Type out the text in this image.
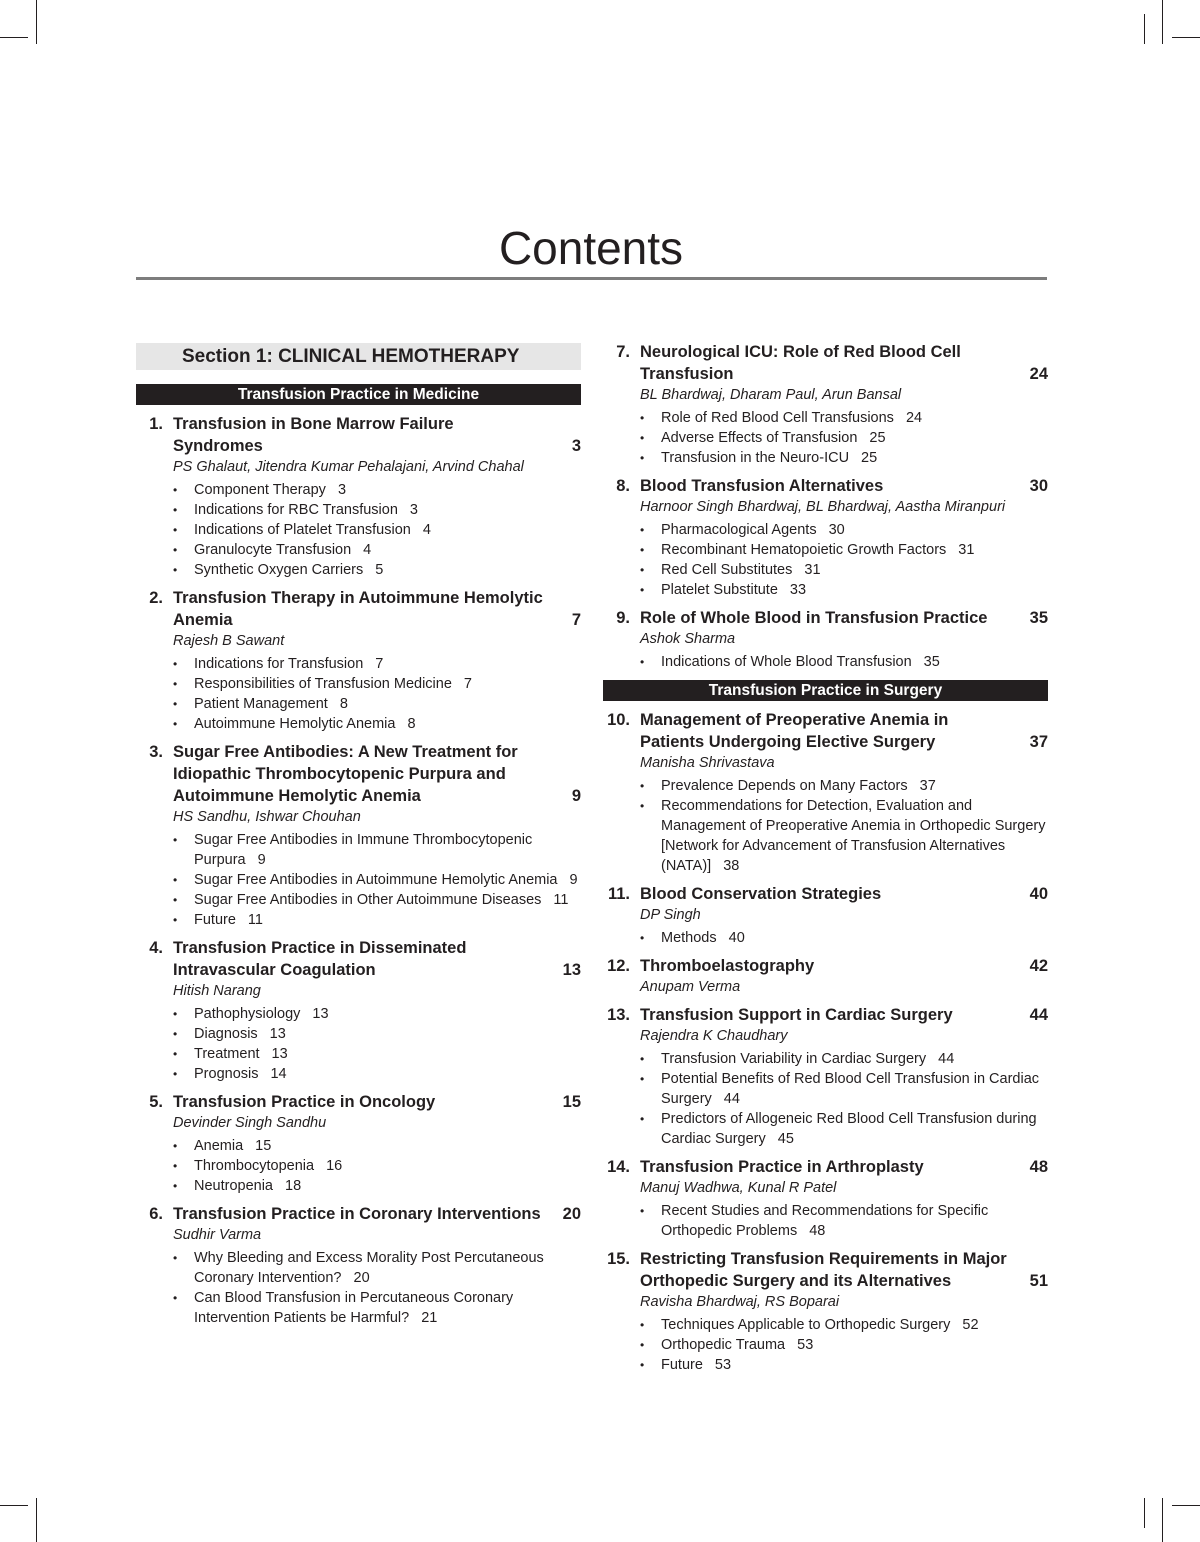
Contents
Section 1: CLINICAL HEMOTHERAPY
Transfusion Practice in Medicine
1. Transfusion in Bone Marrow Failure Syndromes	3
PS Ghalaut, Jitendra Kumar Pehalajani, Arvind Chahal
• Component Therapy 3
• Indications for RBC Transfusion 3
• Indications of Platelet Transfusion 4
• Granulocyte Transfusion 4
• Synthetic Oxygen Carriers 5
2. Transfusion Therapy in Autoimmune Hemolytic Anemia	7
Rajesh B Sawant
• Indications for Transfusion 7
• Responsibilities of Transfusion Medicine 7
• Patient Management 8
• Autoimmune Hemolytic Anemia 8
3. Sugar Free Antibodies: A New Treatment for Idiopathic Thrombocytopenic Purpura and Autoimmune Hemolytic Anemia	9
HS Sandhu, Ishwar Chouhan
• Sugar Free Antibodies in Immune Thrombocytopenic Purpura 9
• Sugar Free Antibodies in Autoimmune Hemolytic Anemia 9
• Sugar Free Antibodies in Other Autoimmune Diseases 11
• Future 11
4. Transfusion Practice in Disseminated Intravascular Coagulation	13
Hitish Narang
• Pathophysiology 13
• Diagnosis 13
• Treatment 13
• Prognosis 14
5. Transfusion Practice in Oncology	15
Devinder Singh Sandhu
• Anemia 15
• Thrombocytopenia 16
• Neutropenia 18
6. Transfusion Practice in Coronary Interventions 20
Sudhir Varma
• Why Bleeding and Excess Morality Post Percutaneous Coronary Intervention? 20
• Can Blood Transfusion in Percutaneous Coronary Intervention Patients be Harmful? 21
7. Neurological ICU: Role of Red Blood Cell Transfusion	24
BL Bhardwaj, Dharam Paul, Arun Bansal
• Role of Red Blood Cell Transfusions 24
• Adverse Effects of Transfusion 25
• Transfusion in the Neuro-ICU 25
8. Blood Transfusion Alternatives	30
Harnoor Singh Bhardwaj, BL Bhardwaj, Aastha Miranpuri
• Pharmacological Agents 30
• Recombinant Hematopoietic Growth Factors 31
• Red Cell Substitutes 31
• Platelet Substitute 33
9. Role of Whole Blood in Transfusion Practice	35
Ashok Sharma
• Indications of Whole Blood Transfusion 35
Transfusion Practice in Surgery
10. Management of Preoperative Anemia in Patients Undergoing Elective Surgery	37
Manisha Shrivastava
• Prevalence Depends on Many Factors 37
• Recommendations for Detection, Evaluation and Management of Preoperative Anemia in Orthopedic Surgery [Network for Advancement of Transfusion Alternatives (NATA)] 38
11. Blood Conservation Strategies	40
DP Singh
• Methods 40
12. Thromboelastography	42
Anupam Verma
13. Transfusion Support in Cardiac Surgery	44
Rajendra K Chaudhary
• Transfusion Variability in Cardiac Surgery 44
• Potential Benefits of Red Blood Cell Transfusion in Cardiac Surgery 44
• Predictors of Allogeneic Red Blood Cell Transfusion during Cardiac Surgery 45
14. Transfusion Practice in Arthroplasty	48
Manuj Wadhwa, Kunal R Patel
• Recent Studies and Recommendations for Specific Orthopedic Problems 48
15. Restricting Transfusion Requirements in Major Orthopedic Surgery and its Alternatives	51
Ravisha Bhardwaj, RS Boparai
• Techniques Applicable to Orthopedic Surgery 52
• Orthopedic Trauma 53
• Future 53
